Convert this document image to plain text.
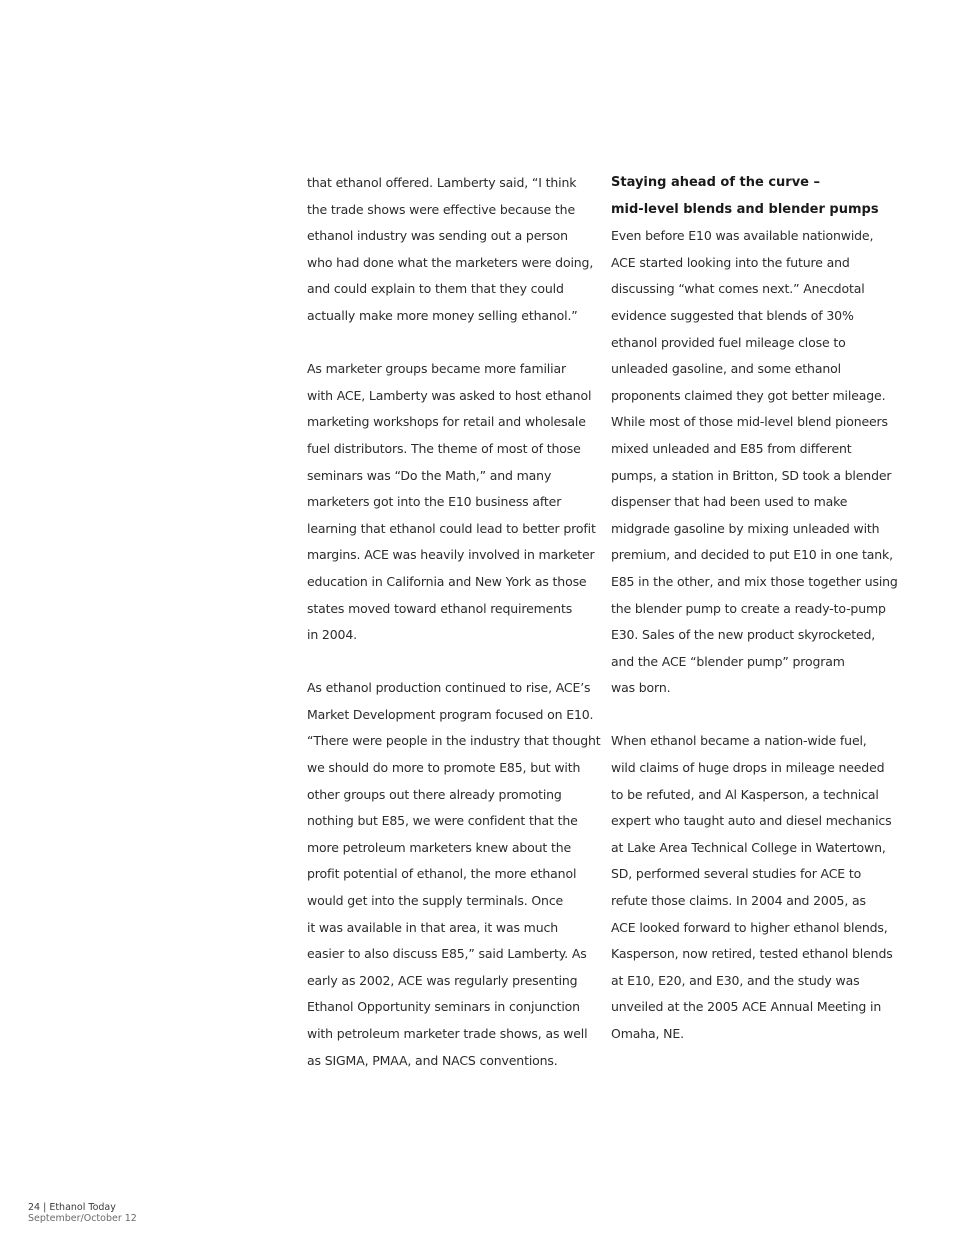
that ethanol offered. Lamberty said, “I think
the trade shows were effective because the
ethanol industry was sending out a person
who had done what the marketers were doing,
and could explain to them that they could
actually make more money selling ethanol.”
As marketer groups became more familiar
with ACE, Lamberty was asked to host ethanol
marketing workshops for retail and wholesale
fuel distributors. The theme of most of those
seminars was “Do the Math,” and many
marketers got into the E10 business after
learning that ethanol could lead to better profit
margins. ACE was heavily involved in marketer
education in California and New York as those
states moved toward ethanol requirements
in 2004.
As ethanol production continued to rise, ACE’s
Market Development program focused on E10.
“There were people in the industry that thought
we should do more to promote E85, but with
other groups out there already promoting
nothing but E85, we were confident that the
more petroleum marketers knew about the
profit potential of ethanol, the more ethanol
would get into the supply terminals. Once
it was available in that area, it was much
easier to also discuss E85,” said Lamberty. As
early as 2002, ACE was regularly presenting
Ethanol Opportunity seminars in conjunction
with petroleum marketer trade shows, as well
as SIGMA, PMAA, and NACS conventions.
Staying ahead of the curve –
mid-level blends and blender pumps
Even before E10 was available nationwide,
ACE started looking into the future and
discussing “what comes next.” Anecdotal
evidence suggested that blends of 30%
ethanol provided fuel mileage close to
unleaded gasoline, and some ethanol
proponents claimed they got better mileage.
While most of those mid-level blend pioneers
mixed unleaded and E85 from different
pumps, a station in Britton, SD took a blender
dispenser that had been used to make
midgrade gasoline by mixing unleaded with
premium, and decided to put E10 in one tank,
E85 in the other, and mix those together using
the blender pump to create a ready-to-pump
E30. Sales of the new product skyrocketed,
and the ACE “blender pump” program
was born.
When ethanol became a nation-wide fuel,
wild claims of huge drops in mileage needed
to be refuted, and Al Kasperson, a technical
expert who taught auto and diesel mechanics
at Lake Area Technical College in Watertown,
SD, performed several studies for ACE to
refute those claims. In 2004 and 2005, as
ACE looked forward to higher ethanol blends,
Kasperson, now retired, tested ethanol blends
at E10, E20, and E30, and the study was
unveiled at the 2005 ACE Annual Meeting in
Omaha, NE.
24 | Ethanol Today
September/October 12
